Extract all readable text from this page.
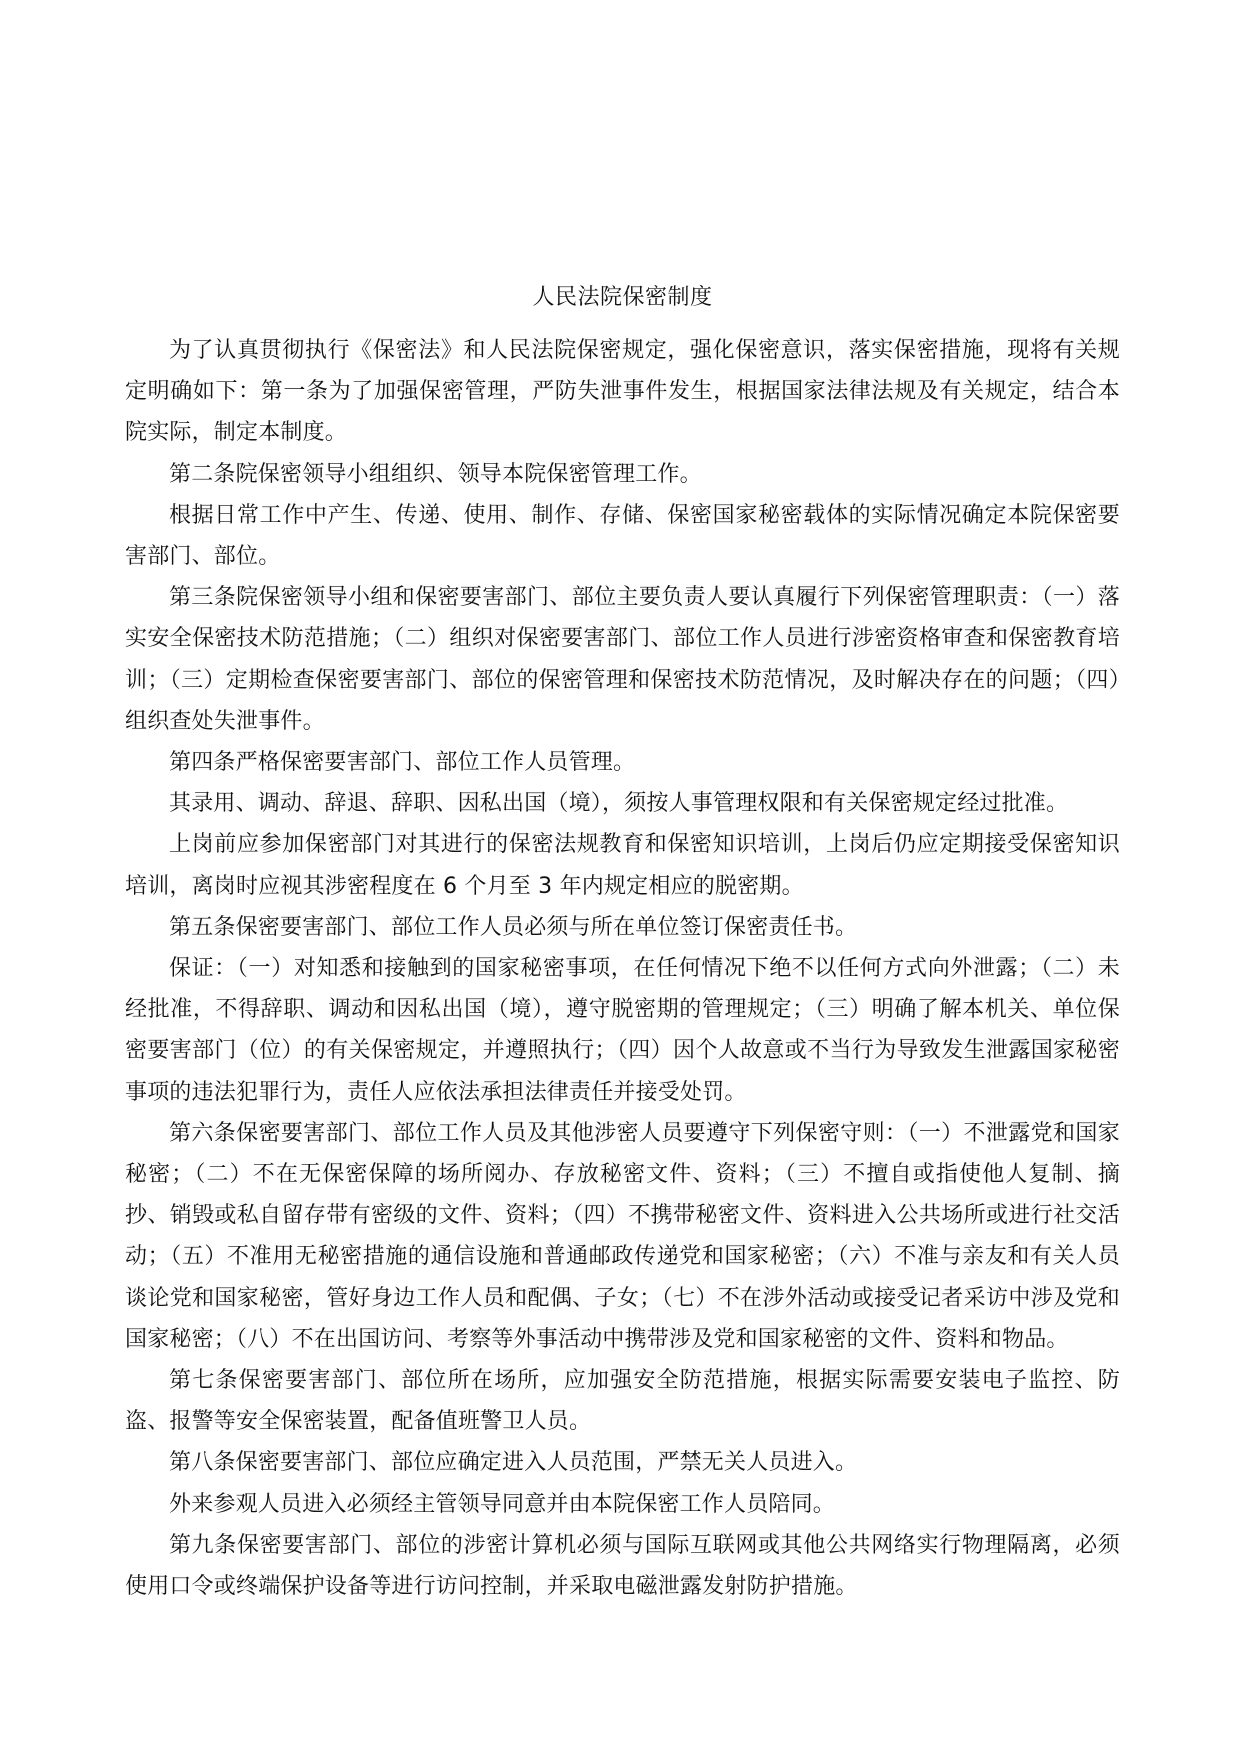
人民法院保密制度

为了认真贯彻执行《保密法》和人民法院保密规定，强化保密意识，落实保密措施，现将有关规定明确如下：第一条为了加强保密管理，严防失泄事件发生，根据国家法律法规及有关规定，结合本院实际，制定本制度。

第二条院保密领导小组组织、领导本院保密管理工作。

根据日常工作中产生、传递、使用、制作、存储、保密国家秘密载体的实际情况确定本院保密要害部门、部位。

第三条院保密领导小组和保密要害部门、部位主要负责人要认真履行下列保密管理职责：（一）落实安全保密技术防范措施；（二）组织对保密要害部门、部位工作人员进行涉密资格审查和保密教育培训；（三）定期检查保密要害部门、部位的保密管理和保密技术防范情况，及时解决存在的问题；（四）组织查处失泄事件。

第四条严格保密要害部门、部位工作人员管理。

其录用、调动、辞退、辞职、因私出国（境），须按人事管理权限和有关保密规定经过批准。

上岗前应参加保密部门对其进行的保密法规教育和保密知识培训，上岗后仍应定期接受保密知识培训，离岗时应视其涉密程度在 6 个月至 3 年内规定相应的脱密期。

第五条保密要害部门、部位工作人员必须与所在单位签订保密责任书。

保证：（一）对知悉和接触到的国家秘密事项，在任何情况下绝不以任何方式向外泄露；（二）未经批准，不得辞职、调动和因私出国（境），遵守脱密期的管理规定；（三）明确了解本机关、单位保密要害部门（位）的有关保密规定，并遵照执行；（四）因个人故意或不当行为导致发生泄露国家秘密事项的违法犯罪行为，责任人应依法承担法律责任并接受处罚。

第六条保密要害部门、部位工作人员及其他涉密人员要遵守下列保密守则：（一）不泄露党和国家秘密；（二）不在无保密保障的场所阅办、存放秘密文件、资料；（三）不擅自或指使他人复制、摘抄、销毁或私自留存带有密级的文件、资料；（四）不携带秘密文件、资料进入公共场所或进行社交活动；（五）不准用无秘密措施的通信设施和普通邮政传递党和国家秘密；（六）不准与亲友和有关人员谈论党和国家秘密，管好身边工作人员和配偶、子女；（七）不在涉外活动或接受记者采访中涉及党和国家秘密；（八）不在出国访问、考察等外事活动中携带涉及党和国家秘密的文件、资料和物品。

第七条保密要害部门、部位所在场所，应加强安全防范措施，根据实际需要安装电子监控、防盗、报警等安全保密装置，配备值班警卫人员。

第八条保密要害部门、部位应确定进入人员范围，严禁无关人员进入。

外来参观人员进入必须经主管领导同意并由本院保密工作人员陪同。

第九条保密要害部门、部位的涉密计算机必须与国际互联网或其他公共网络实行物理隔离，必须使用口令或终端保护设备等进行访问控制，并采取电磁泄露发射防护措施。
